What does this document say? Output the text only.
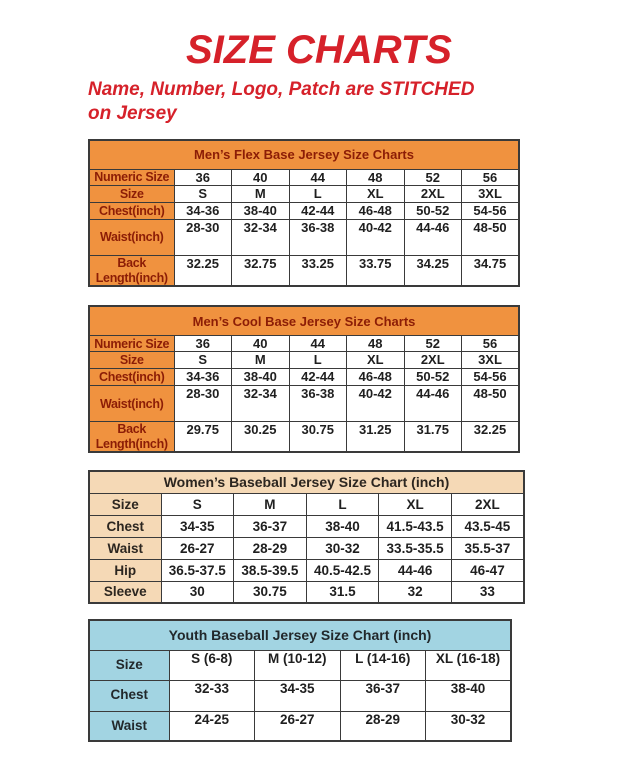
SIZE CHARTS

Name, Number, Logo, Patch are STITCHED
on Jersey

Men’s Flex Base Jersey Size Charts						
Numeric Size	36	40	44	48	52	56
Size	S	M	L	XL	2XL	3XL
Chest(inch)	34-36	38-40	42-44	46-48	50-52	54-56
Waist(inch)	28-30	32-34	36-38	40-42	44-46	48-50
Back Length(inch)	32.25	32.75	33.25	33.75	34.25	34.75
Men’s Cool Base Jersey Size Charts						
Numeric Size	36	40	44	48	52	56
Size	S	M	L	XL	2XL	3XL
Chest(inch)	34-36	38-40	42-44	46-48	50-52	54-56
Waist(inch)	28-30	32-34	36-38	40-42	44-46	48-50
Back Length(inch)	29.75	30.25	30.75	31.25	31.75	32.25
Women’s Baseball Jersey Size Chart (inch)					
Size	S	M	L	XL	2XL
Chest	34-35	36-37	38-40	41.5-43.5	43.5-45
Waist	26-27	28-29	30-32	33.5-35.5	35.5-37
Hip	36.5-37.5	38.5-39.5	40.5-42.5	44-46	46-47
Sleeve	30	30.75	31.5	32	33
Youth Baseball Jersey Size Chart (inch)				
Size	S (6-8)	M (10-12)	L (14-16)	XL (16-18)
Chest	32-33	34-35	36-37	38-40
Waist	24-25	26-27	28-29	30-32
